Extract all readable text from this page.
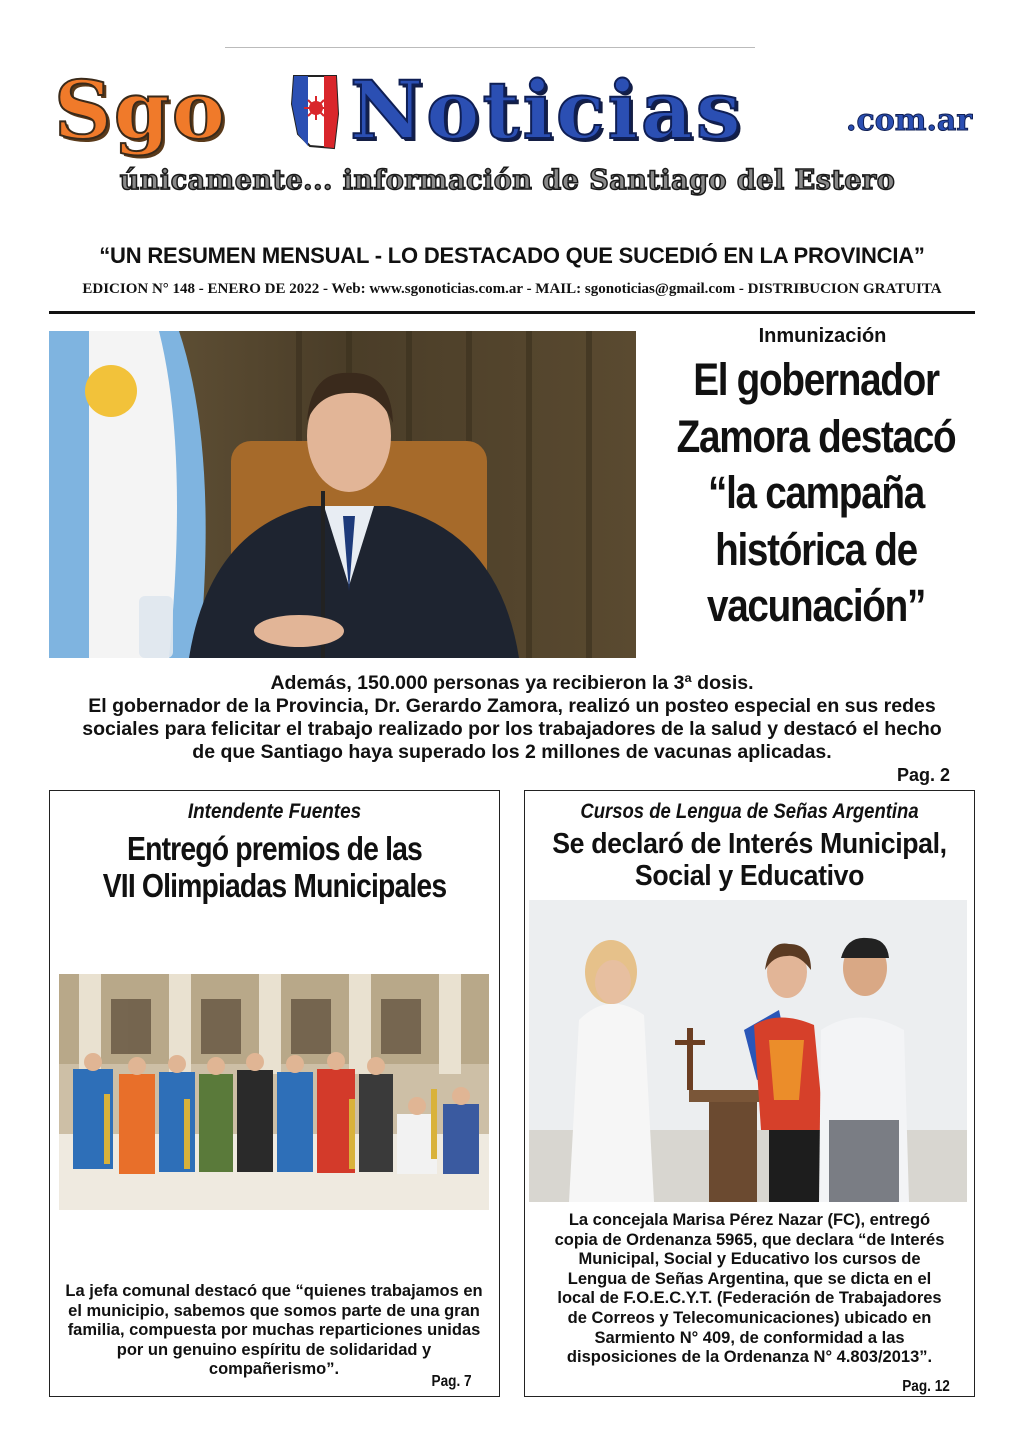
Sgo Noticias	.com.ar
únicamente... información de Santiago del Estero
“UN RESUMEN MENSUAL - LO DESTACADO QUE SUCEDIÓ EN LA PROVINCIA”
EDICION N° 148 - ENERO DE 2022 - Web: www.sgonoticias.com.ar - MAIL: sgonoticias@gmail.com - DISTRIBUCION GRATUITA
Inmunización
El gobernador
Zamora destacó
“la campaña
histórica de
vacunación”
Además, 150.000 personas ya recibieron la 3ª dosis.
El gobernador de la Provincia, Dr. Gerardo Zamora, realizó un posteo especial en sus redes
sociales para felicitar el trabajo realizado por los trabajadores de la salud y destacó el hecho
de que Santiago haya superado los 2 millones de vacunas aplicadas.
Pag. 2
Intendente Fuentes
Entregó premios de las
VII Olimpiadas Municipales
La jefa comunal destacó que “quienes trabajamos en
el municipio, sabemos que somos parte de una gran
familia, compuesta por muchas reparticiones unidas
por un genuino espíritu de solidaridad y
compañerismo”.
Pag. 7
Cursos de Lengua de Señas Argentina
Se declaró de Interés Municipal,
Social y Educativo
La concejala Marisa Pérez Nazar (FC), entregó
copia de Ordenanza 5965, que declara “de Interés
Municipal, Social y Educativo los cursos de
Lengua de Señas Argentina, que se dicta en el
local de F.O.E.C.Y.T. (Federación de Trabajadores
de Correos y Telecomunicaciones) ubicado en
Sarmiento N° 409, de conformidad a las
disposiciones de la Ordenanza N° 4.803/2013”.
Pag. 12
